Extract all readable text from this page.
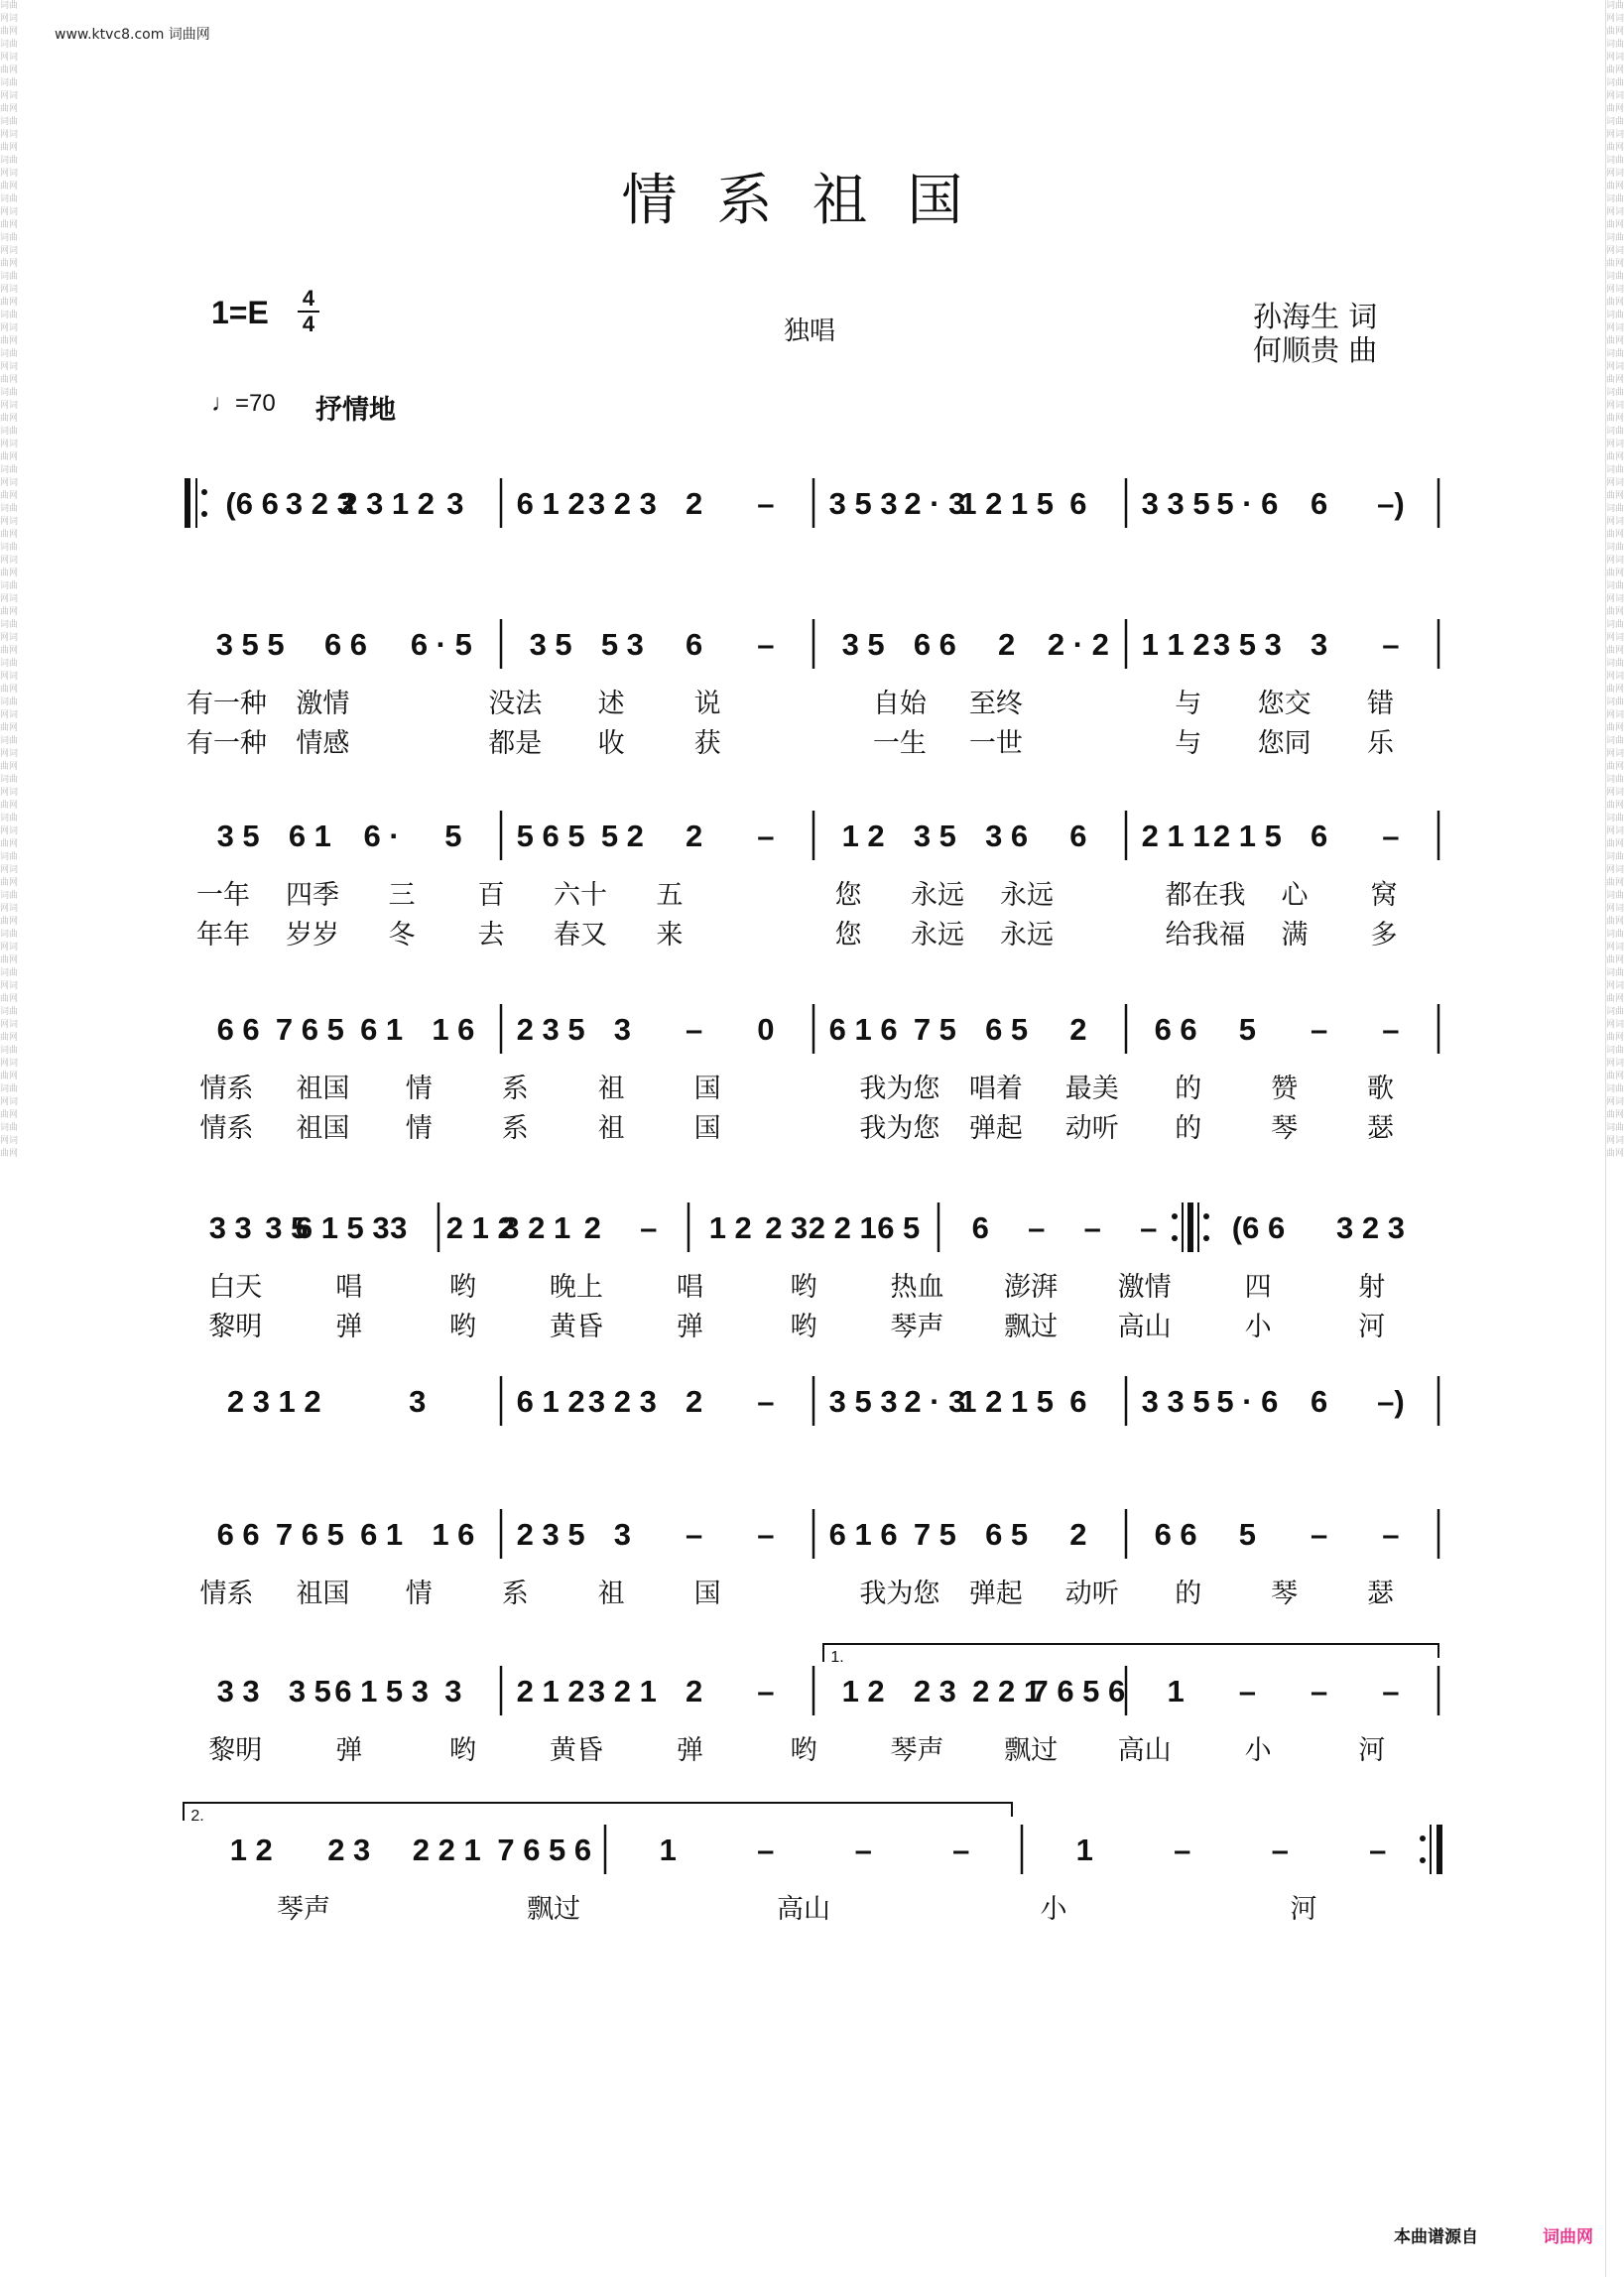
词曲网词曲网词曲网词曲网词曲网词曲网词曲网词曲网词曲网词曲网词曲网词曲网词曲网词曲网词曲网词曲网词曲网词曲网词曲网词曲网词曲网词曲网词曲网词曲网词曲网词曲网词曲网词曲网词曲网词曲网词曲网词曲网词曲网词曲网词曲网词曲网词曲网词曲网词曲网词曲网词曲网词曲网词曲网词曲网词曲网词曲网词曲网词曲网词曲网词曲网词曲网词曲网词曲网词曲网词曲网词曲网词曲网词曲网词曲网词曲网
词曲网词曲网词曲网词曲网词曲网词曲网词曲网词曲网词曲网词曲网词曲网词曲网词曲网词曲网词曲网词曲网词曲网词曲网词曲网词曲网词曲网词曲网词曲网词曲网词曲网词曲网词曲网词曲网词曲网词曲网词曲网词曲网词曲网词曲网词曲网词曲网词曲网词曲网词曲网词曲网词曲网词曲网词曲网词曲网词曲网词曲网词曲网词曲网词曲网词曲网词曲网词曲网词曲网词曲网词曲网词曲网词曲网词曲网词曲网词曲网
www.ktvc8.com 词曲网
情系祖国
1=E 4
4	独唱	孙海生 词
何顺贵 曲
♩=70 抒情地
(6 6 3 2 3
2 3 1 2 3 6 1 2 3 2 3 2 – 3 5 3 2 · 3
1 2 1 5 6 3 3 5 5 · 6 6 –)
3 5 5 6 6 6 · 5 3 5 5 3 6 – 3 5 6 6 2 2 · 2 1 1 2 3 5 3 3 –
有一种 激情	没法 述	说	自始 至终	与 您交 错
有一种 情感	都是 收	获	一生 一世	与 您同 乐
3 5 6 1 6 · 5 5 6 5 5 2 2 – 1 2 3 5 3 6 6 2 1 1 2 1 5 6 –
一年 四季 三 百 六十 五	您 永远 永远	都在我 心 窝
年年 岁岁 冬 去 春又 来	您 永远 永远	给我福 满 多
6 6 7 6 5 6 1 1 6 2 3 5 3 – 0 6 1 6 7 5 6 5 2 6 6 5 – –
情系 祖国 情	系	祖	国	我为您 唱着 最美 的	赞	歌
情系 祖国 情	系	祖	国	我为您 弹起 动听 的	琴	瑟
3 3 3 5
6 1 5 3 3 2 1 2
3 2 1 2 – 1 2 2 3 2 2 1 6 5 6 – – – (6 6 3 2 3
白天	唱	哟	晚上	唱	哟	热血 澎湃 激情	四	射
黎明	弹	哟	黄昏	弹	哟	琴声 飘过 高山	小	河
2 3 1 2	3	6 1 2 3 2 3 2 – 3 5 3 2 · 3
1 2 1 5 6 3 3 5 5 · 6 6 –)
6 6 7 6 5 6 1 1 6 2 3 5 3 – – 6 1 6 7 5 6 5 2 6 6 5 – –
情系 祖国 情	系	祖	国	我为您 弹起 动听 的	琴	瑟
1.
3 3 3 5 6 1 5 3 3 2 1 2 3 2 1 2 – 1 2 2 3 2 2 1
7 6 5 6 1 – – –
黎明	弹	哟	黄昏	弹	哟	琴声 飘过 高山	小	河
2.
1 2 2 3 2 2 1 7 6 5 6 1	–	–	–	1	–	–	–
琴声	飘过	高山	小	河
本曲谱源自	词曲网
